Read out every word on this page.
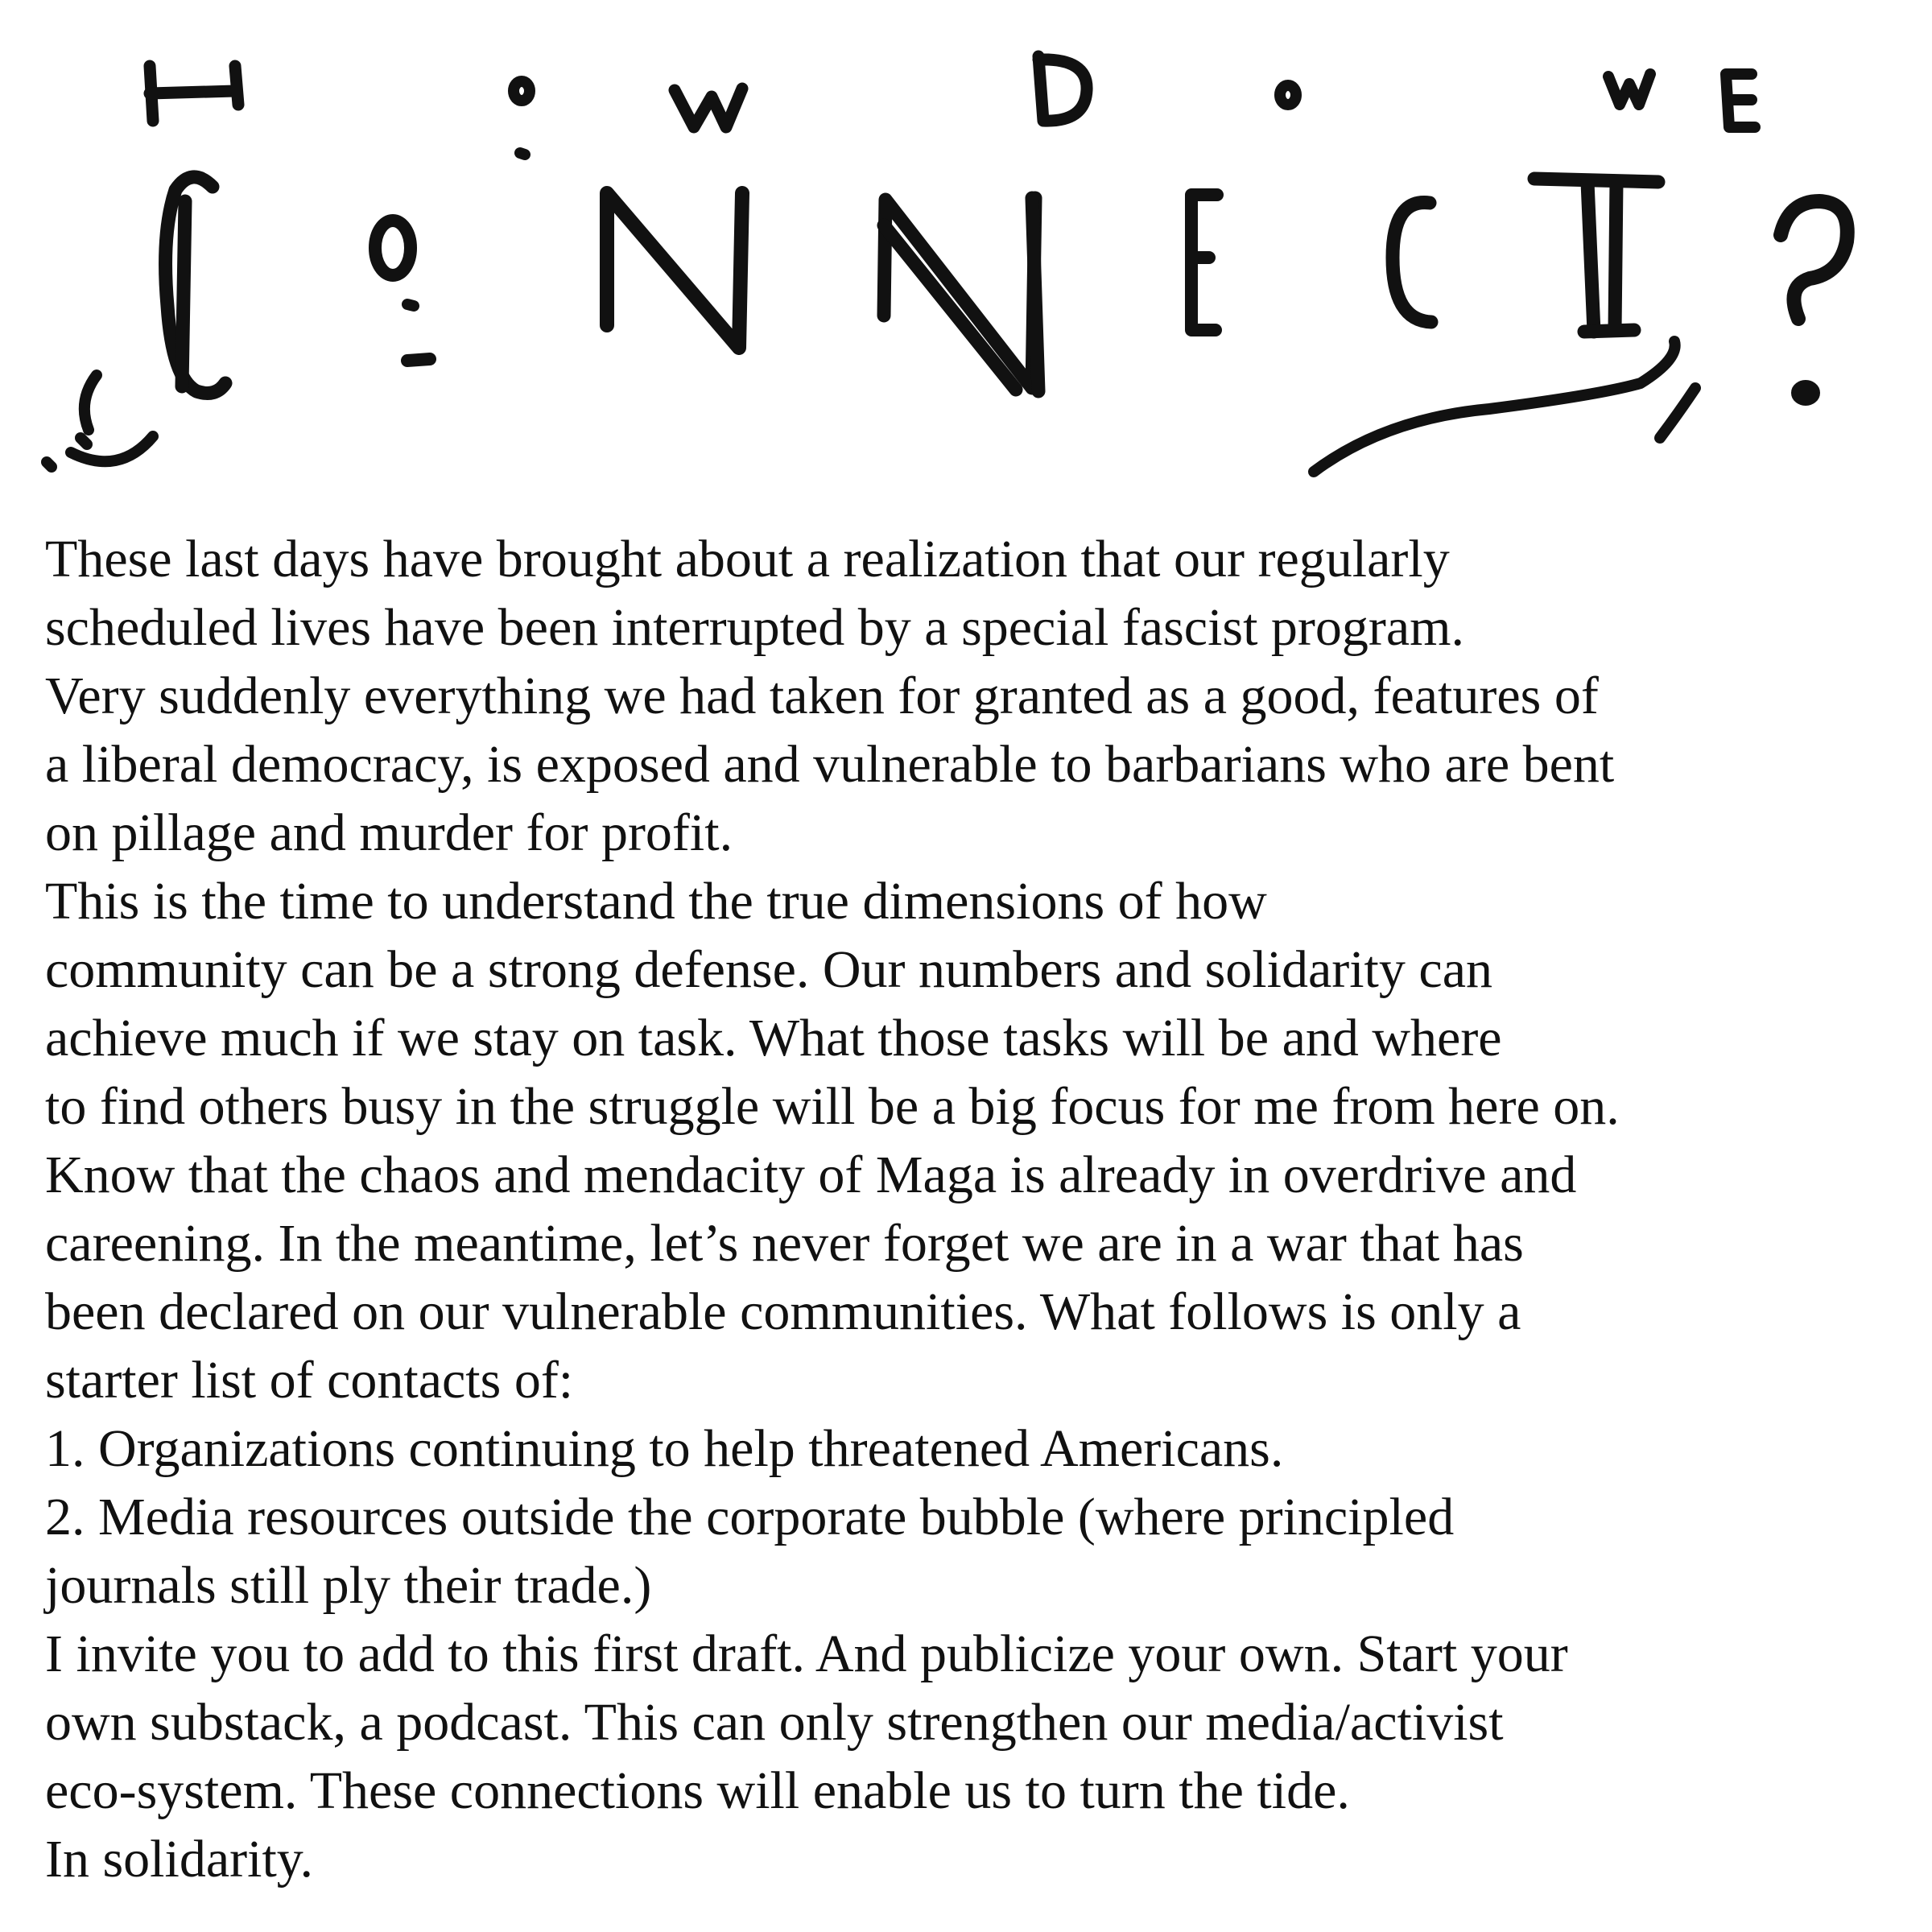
These last days have brought about a realization that our regularly
scheduled lives have been interrupted by a special fascist program.
Very suddenly everything we had taken for granted as a good, features of
a liberal democracy, is exposed and vulnerable to barbarians who are bent
on pillage and murder for profit.
This is the time to understand the true dimensions of how
community can be a strong defense. Our numbers and solidarity can
achieve much if we stay on task. What those tasks will be and where
to find others busy in the struggle will be a big focus for me from here on.
Know that the chaos and mendacity of Maga is already in overdrive and
careening. In the meantime, let’s never forget we are in a war that has
been declared on our vulnerable communities. What follows is only a
starter list of contacts of:
1. Organizations continuing to help threatened Americans.
2. Media resources outside the corporate bubble (where principled
journals still ply their trade.)
I invite you to add to this first draft. And publicize your own. Start your
own substack, a podcast. This can only strengthen our media/activist
eco-system. These connections will enable us to turn the tide.
In solidarity.
